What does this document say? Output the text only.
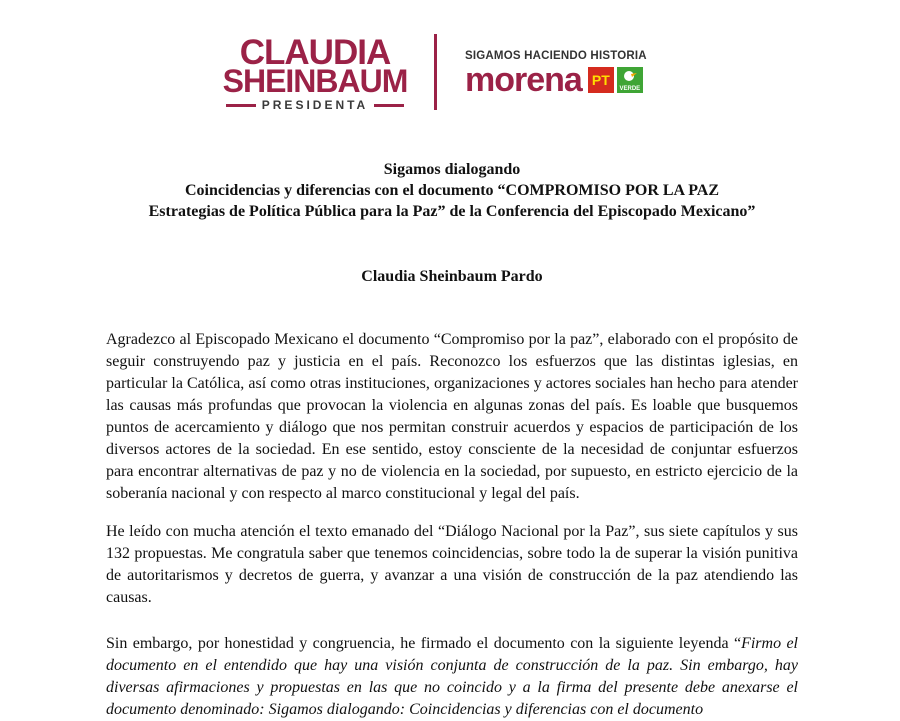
CLAUDIA
SHEINBAUM
PRESIDENTA
SIGAMOS HACIENDO HISTORIA
morena PT
VERDE
Sigamos dialogando
Coincidencias y diferencias con el documento “COMPROMISO POR LA PAZ
Estrategias de Política Pública para la Paz” de la Conferencia del Episcopado Mexicano”
Claudia Sheinbaum Pardo

Agradezco al Episcopado Mexicano el documento “Compromiso por la paz”, elaborado con el propósito de seguir construyendo paz y justicia en el país. Reconozco los esfuerzos que las distintas iglesias, en particular la Católica, así como otras instituciones, organizaciones y actores sociales han hecho para atender las causas más profundas que provocan la violencia en algunas zonas del país. Es loable que busquemos puntos de acercamiento y diálogo que nos permitan construir acuerdos y espacios de participación de los diversos actores de la sociedad. En ese sentido, estoy consciente de la necesidad de conjuntar esfuerzos para encontrar alternativas de paz y no de violencia en la sociedad, por supuesto, en estricto ejercicio de la soberanía nacional y con respecto al marco constitucional y legal del país.

He leído con mucha atención el texto emanado del “Diálogo Nacional por la Paz”, sus siete capítulos y sus 132 propuestas. Me congratula saber que tenemos coincidencias, sobre todo la de superar la visión punitiva de autoritarismos y decretos de guerra, y avanzar a una visión de construcción de la paz atendiendo las causas.

Sin embargo, por honestidad y congruencia, he firmado el documento con la siguiente leyenda “Firmo el documento en el entendido que hay una visión conjunta de construcción de la paz. Sin embargo, hay diversas afirmaciones y propuestas en las que no coincido y a la firma del presente debe anexarse el documento denominado: Sigamos dialogando: Coincidencias y diferencias con el documento
